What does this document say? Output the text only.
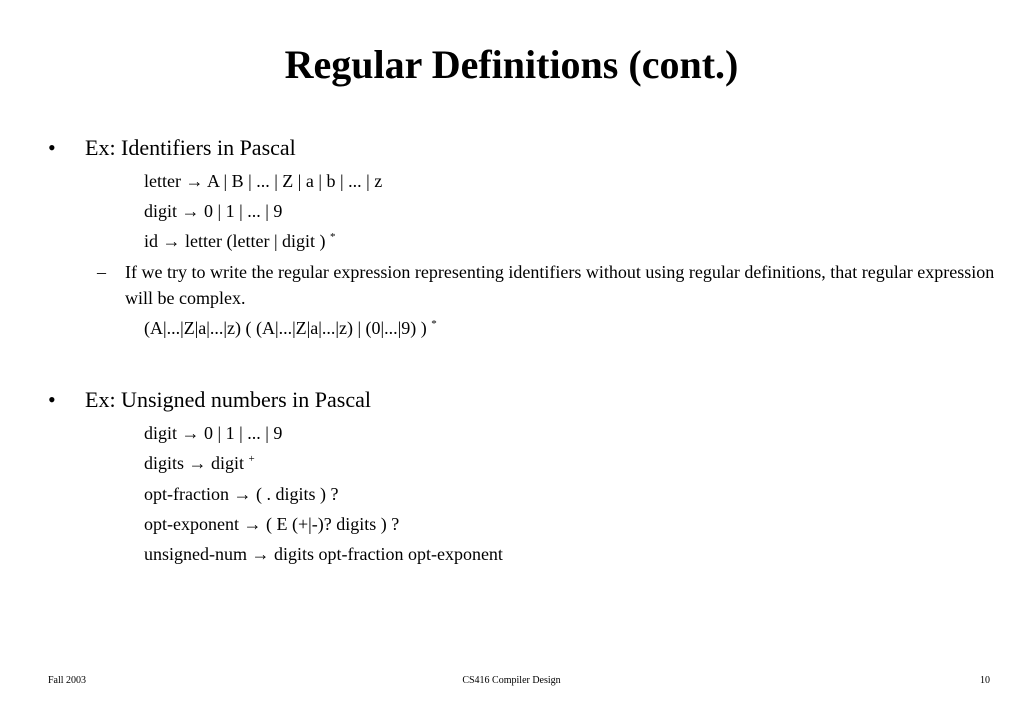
Regular Definitions (cont.)
• Ex: Identifiers in Pascal
letter → A | B | ... | Z | a | b | ... | z
digit → 0 | 1 | ... | 9
id → letter (letter | digit ) *
– If we try to write the regular expression representing identifiers without using regular definitions, that regular expression will be complex.
(A|...|Z|a|...|z) ( (A|...|Z|a|...|z) | (0|...|9) ) *
• Ex: Unsigned numbers in Pascal
digit → 0 | 1 | ... | 9
digits → digit +
opt-fraction → ( . digits ) ?
opt-exponent → ( E (+|-)? digits ) ?
unsigned-num → digits opt-fraction opt-exponent
Fall 2003	CS416 Compiler Design	10
